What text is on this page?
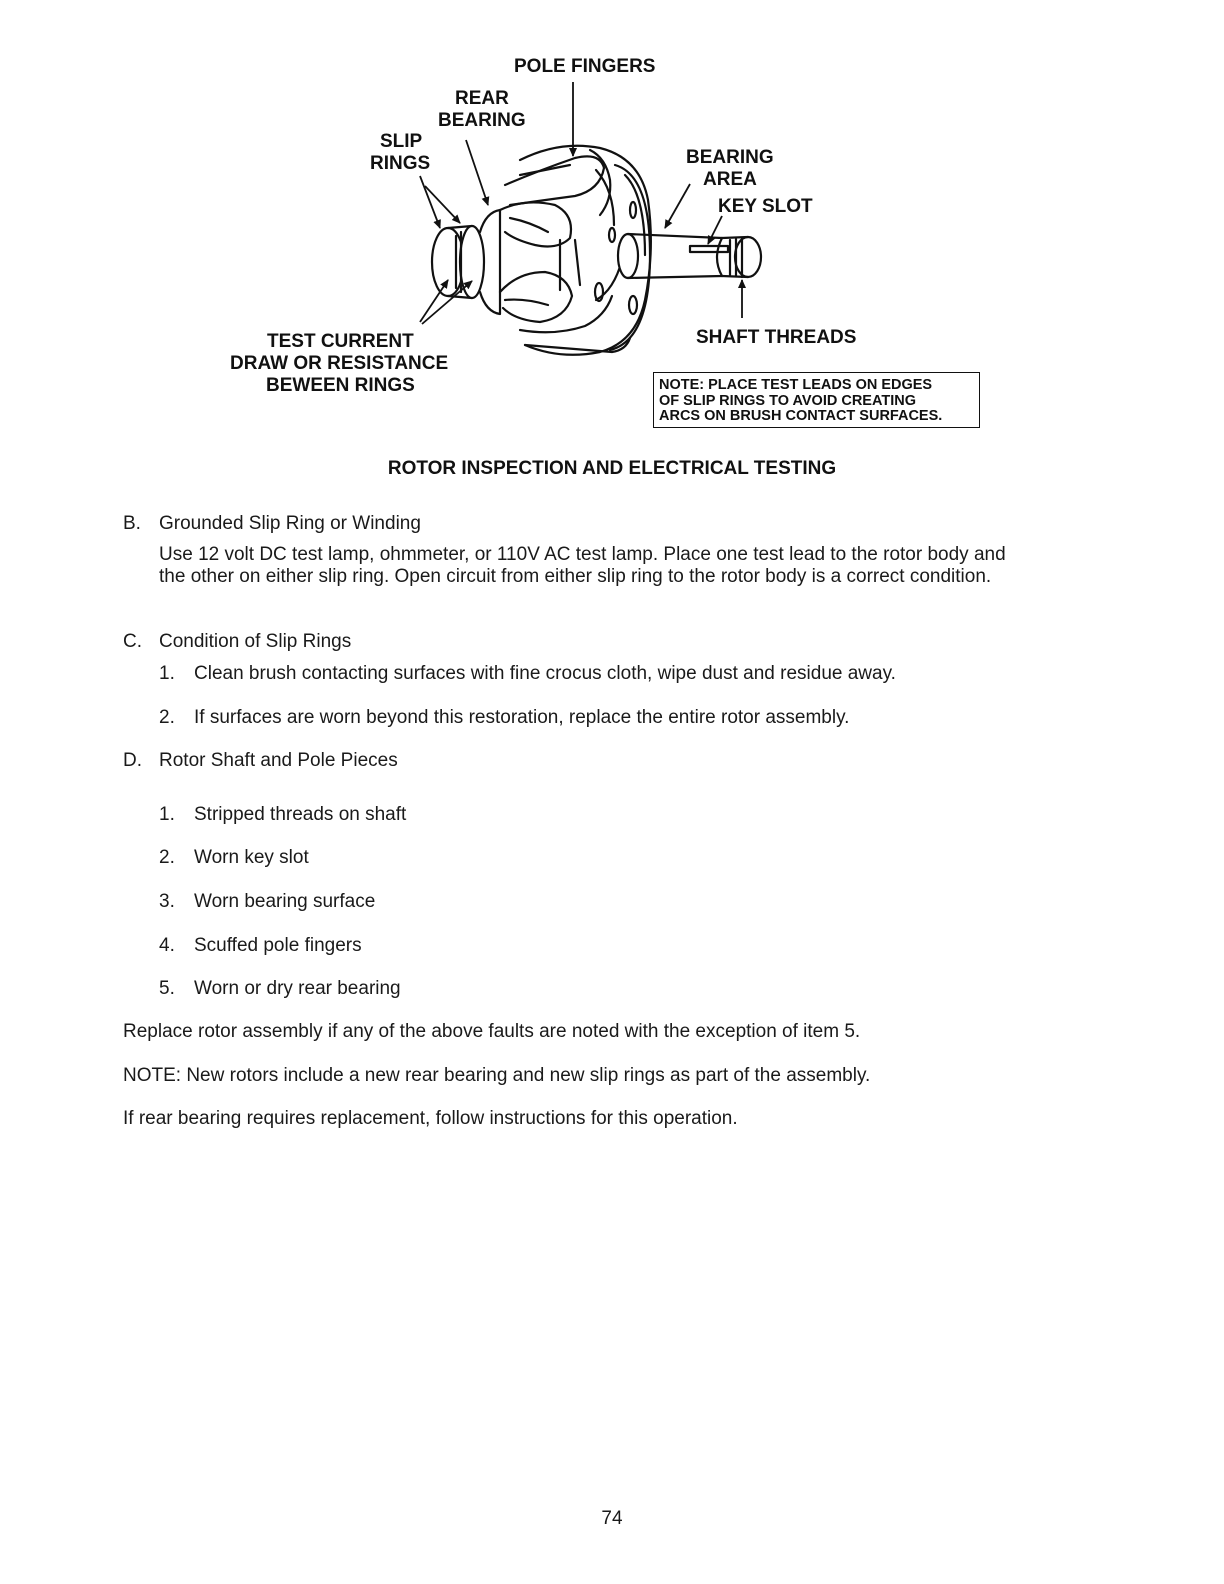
POLE FINGERS
REAR
BEARING
SLIP
RINGS	BEARING
AREA
KEY SLOT
SHAFT THREADS
TEST CURRENT
DRAW OR RESISTANCE
BEWEEN RINGS	NOTE: PLACE TEST LEADS ON EDGES
OF SLIP RINGS TO AVOID CREATING
ARCS ON BRUSH CONTACT SURFACES.
ROTOR INSPECTION AND ELECTRICAL TESTING
B. Grounded Slip Ring or Winding
Use 12 volt DC test lamp, ohmmeter, or 110V AC test lamp. Place one test lead to the rotor body and the other on either slip ring. Open circuit from either slip ring to the rotor body is a correct condition.
C. Condition of Slip Rings
1. Clean brush contacting surfaces with fine crocus cloth, wipe dust and residue away.
2. If surfaces are worn beyond this restoration, replace the entire rotor assembly.
D. Rotor Shaft and Pole Pieces
1. Stripped threads on shaft
2. Worn key slot
3. Worn bearing surface
4. Scuffed pole fingers
5. Worn or dry rear bearing
Replace rotor assembly if any of the above faults are noted with the exception of item 5.
NOTE: New rotors include a new rear bearing and new slip rings as part of the assembly.
If rear bearing requires replacement, follow instructions for this operation.
74
